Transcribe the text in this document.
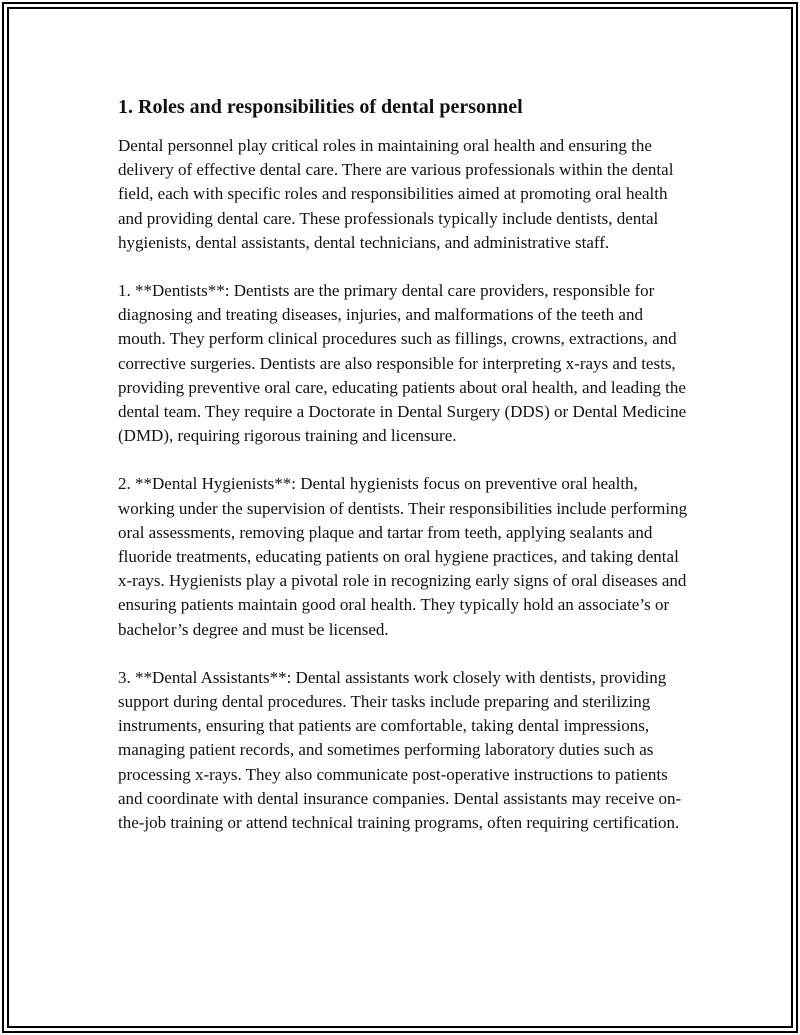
1. Roles and responsibilities of dental personnel

Dental personnel play critical roles in maintaining oral health and ensuring the delivery of effective dental care. There are various professionals within the dental field, each with specific roles and responsibilities aimed at promoting oral health and providing dental care. These professionals typically include dentists, dental hygienists, dental assistants, dental technicians, and administrative staff.

1. **Dentists**: Dentists are the primary dental care providers, responsible for diagnosing and treating diseases, injuries, and malformations of the teeth and mouth. They perform clinical procedures such as fillings, crowns, extractions, and corrective surgeries. Dentists are also responsible for interpreting x-rays and tests, providing preventive oral care, educating patients about oral health, and leading the dental team. They require a Doctorate in Dental Surgery (DDS) or Dental Medicine (DMD), requiring rigorous training and licensure.

2. **Dental Hygienists**: Dental hygienists focus on preventive oral health, working under the supervision of dentists. Their responsibilities include performing oral assessments, removing plaque and tartar from teeth, applying sealants and fluoride treatments, educating patients on oral hygiene practices, and taking dental x-rays. Hygienists play a pivotal role in recognizing early signs of oral diseases and ensuring patients maintain good oral health. They typically hold an associate’s or bachelor’s degree and must be licensed.

3. **Dental Assistants**: Dental assistants work closely with dentists, providing support during dental procedures. Their tasks include preparing and sterilizing instruments, ensuring that patients are comfortable, taking dental impressions, managing patient records, and sometimes performing laboratory duties such as processing x-rays. They also communicate post-operative instructions to patients and coordinate with dental insurance companies. Dental assistants may receive on-the-job training or attend technical training programs, often requiring certification.
